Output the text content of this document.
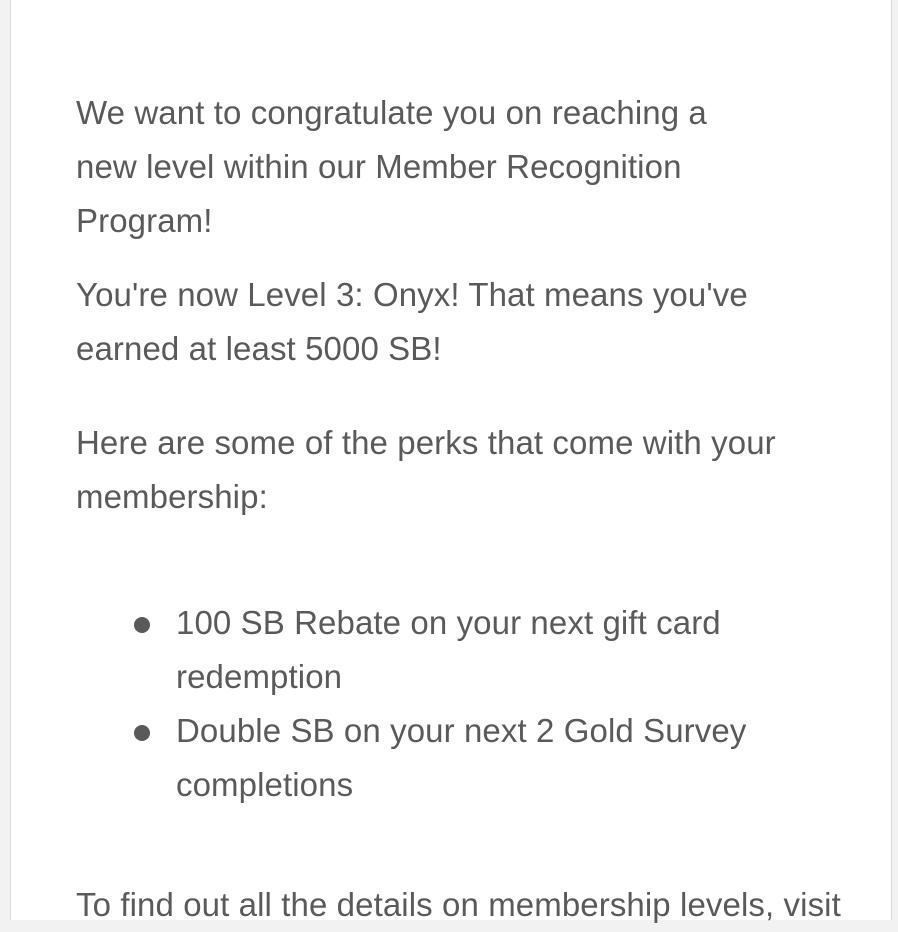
We want to congratulate you on reaching a new level within our Member Recognition Program!

You're now Level 3: Onyx! That means you've earned at least 5000 SB!

Here are some of the perks that come with your membership:

100 SB Rebate on your next gift card redemption
Double SB on your next 2 Gold Survey completions

To find out all the details on membership levels, visit
